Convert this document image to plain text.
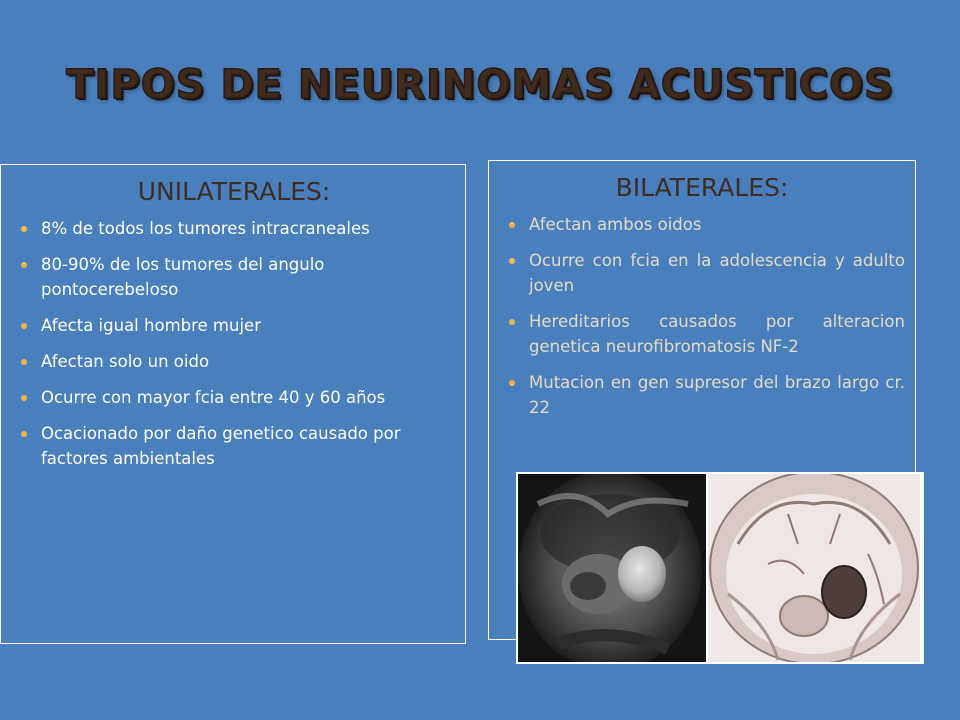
TIPOS DE NEURINOMAS ACUSTICOS
UNILATERALES:
8% de todos los tumores intracraneales
80-90% de los tumores del angulo pontocerebeloso
Afecta igual hombre mujer
Afectan solo un oido
Ocurre con mayor fcia entre 40 y 60 años
Ocacionado por daño genetico causado por factores ambientales
BILATERALES:
Afectan ambos oidos
Ocurre con fcia en la adolescencia y adulto joven
Hereditarios causados por alteracion genetica neurofibromatosis NF-2
Mutacion en gen supresor del brazo largo cr. 22
